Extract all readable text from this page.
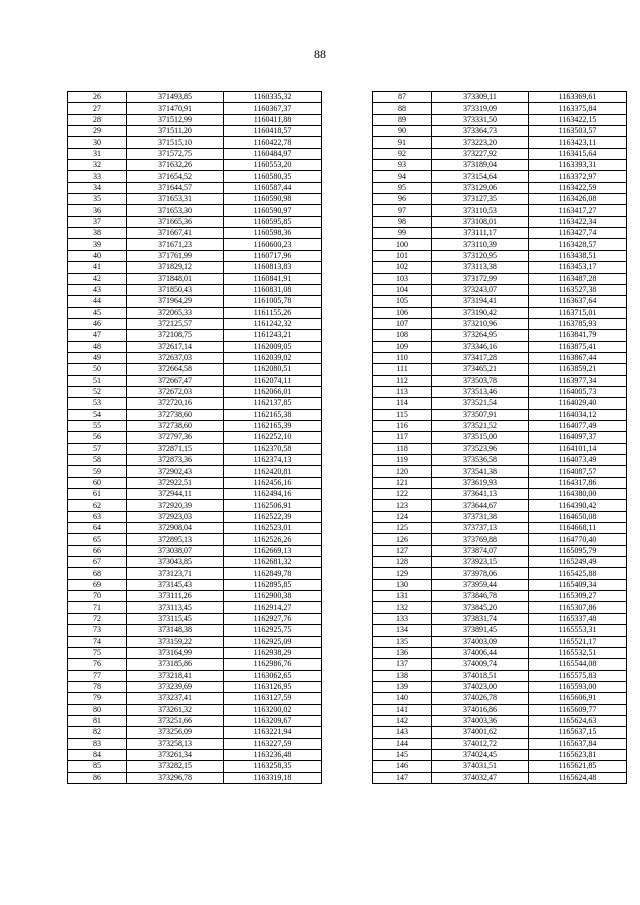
88
26	371493,85	1160335,32
27	371470,91	1160367,37
28	371512,99	1160411,88
29	371511,20	1160418,57
30	371515,10	1160422,78
31	371572,75	1160484,97
32	371632,26	1160553,20
33	371654,52	1160580,35
34	371644,57	1160587,44
35	371653,31	1160590,98
36	371653,30	1160590,97
37	371665,36	1160595,85
38	371667,41	1160598,36
39	371671,23	1160600,23
40	371761,99	1160717,96
41	371829,12	1160813,83
42	371848,01	1160841,91
43	371850,43	1160831,08
44	371964,29	1161005,78
45	372065,33	1161155,26
46	372125,57	1161242,32
47	372108,75	1161243,21
48	372617,14	1162009,05
49	372637,03	1162039,02
50	372664,58	1162080,51
51	372667,47	1162074,11
52	372672,03	1162066,01
53	372720,16	1162137,85
54	372738,60	1162165,38
55	372738,60	1162165,39
56	372797,36	1162252,10
57	372871,15	1162370,58
58	372873,36	1162374,13
59	372902,43	1162420,81
60	372922,51	1162456,16
61	372944,11	1162494,16
62	372920,39	1162506,91
63	372923,03	1162522,39
64	372908,04	1162523,01
65	372895,13	1162526,26
66	373038,07	1162669,13
67	373043,85	1162681,32
68	373123,71	1162849,78
69	373145,43	1162895,85
70	373111,26	1162900,38
71	373113,45	1162914,27
72	373115,45	1162927,76
73	373148,38	1162925,75
74	373159,22	1162925,09
75	373164,99	1162938,29
76	373185,86	1162986,76
77	373218,41	1163062,65
78	373239,69	1163126,95
79	373237,41	1163127,59
80	373261,32	1163200,02
81	373251,66	1163209,67
82	373256,09	1163221,94
83	373258,13	1163227,59
84	373261,34	1163236,48
85	373282,15	1163258,35
86	373296,78	1163319,18
87	373309,11	1163369,61
88	373319,09	1163375,84
89	373331,50	1163422,15
90	373364,73	1163503,57
91	373223,20	1163423,11
92	373227,92	1163415,64
93	373189,04	1163393,31
94	373154,64	1163372,97
95	373129,06	1163422,59
96	373127,35	1163426,08
97	373110,53	1163417,27
98	373108,01	1163422,34
99	373111,17	1163427,74
100	373110,39	1163428,57
101	373120,95	1163438,51
102	373113,38	1163453,17
103	373172,99	1163487,28
104	373243,07	1163527,38
105	373194,41	1163637,64
106	373190,42	1163715,01
107	373210,96	1163785,93
108	373264,95	1163841,79
109	373346,16	1163875,41
110	373417,28	1163867,44
111	373465,21	1163859,21
112	373503,78	1163977,34
113	373513,46	1164005,73
114	373521,54	1164029,40
115	373507,91	1164034,12
116	373521,52	1164077,49
117	373515,00	1164097,37
118	373523,96	1164101,14
119	373536,58	1164073,49
120	373541,38	1164087,57
121	373619,93	1164317,86
122	373641,13	1164380,00
123	373644,67	1164390,42
124	373731,38	1164650,08
125	373737,13	1164668,11
126	373769,88	1164770,40
127	373874,07	1165095,79
128	373923,15	1165249,49
129	373978,06	1165425,88
130	373959,44	1165409,34
131	373846,78	1165309,27
132	373845,20	1165307,86
133	373831,74	1165337,48
134	373891,45	1165553,31
135	374003,09	1165521,17
136	374006,44	1165532,51
137	374009,74	1165544,08
138	374018,51	1165575,83
139	374023,00	1165593,00
140	374026,78	1165606,91
141	374016,86	1165609,77
142	374003,36	1165624,63
143	374001,62	1165637,15
144	374012,72	1165637,84
145	374024,45	1165623,81
146	374031,51	1165621,85
147	374032,47	1165624,48
